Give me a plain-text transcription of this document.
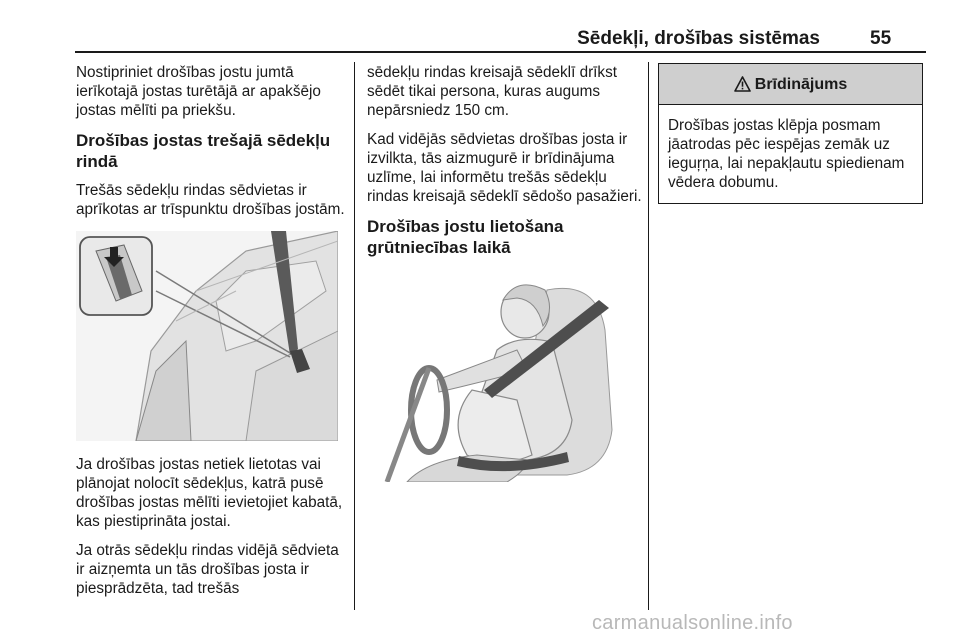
Sēdekļi, drošības sistēmas	55

Nostipriniet drošības jostu jumtā ierīkotajā jostas turētājā ar apakšējo jostas mēlīti pa priekšu.

Drošības jostas trešajā sēdekļu rindā

Trešās sēdekļu rindas sēdvietas ir aprīkotas ar trīspunktu drošības jostām.

Ja drošības jostas netiek lietotas vai plānojat nolocīt sēdekļus, katrā pusē drošības jostas mēlīti ievietojiet kabatā, kas piestiprināta jostai.

Ja otrās sēdekļu rindas vidējā sēdvieta ir aizņemta un tās drošības josta ir piesprādzēta, tad trešās

sēdekļu rindas kreisajā sēdeklī drīkst sēdēt tikai persona, kuras augums nepārsniedz 150 cm.

Kad vidējās sēdvietas drošības josta ir izvilkta, tās aizmugurē ir brīdinājuma uzlīme, lai informētu trešās sēdekļu rindas kreisajā sēdeklī sēdošo pasažieri.

Drošības jostu lietošana grūtniecības laikā
Brīdinājums
Drošības jostas klēpja posmam jāatrodas pēc iespējas zemāk uz ieguŗņa, lai nepakļautu spiedienam vēdera dobumu.
carmanualsonline.info
